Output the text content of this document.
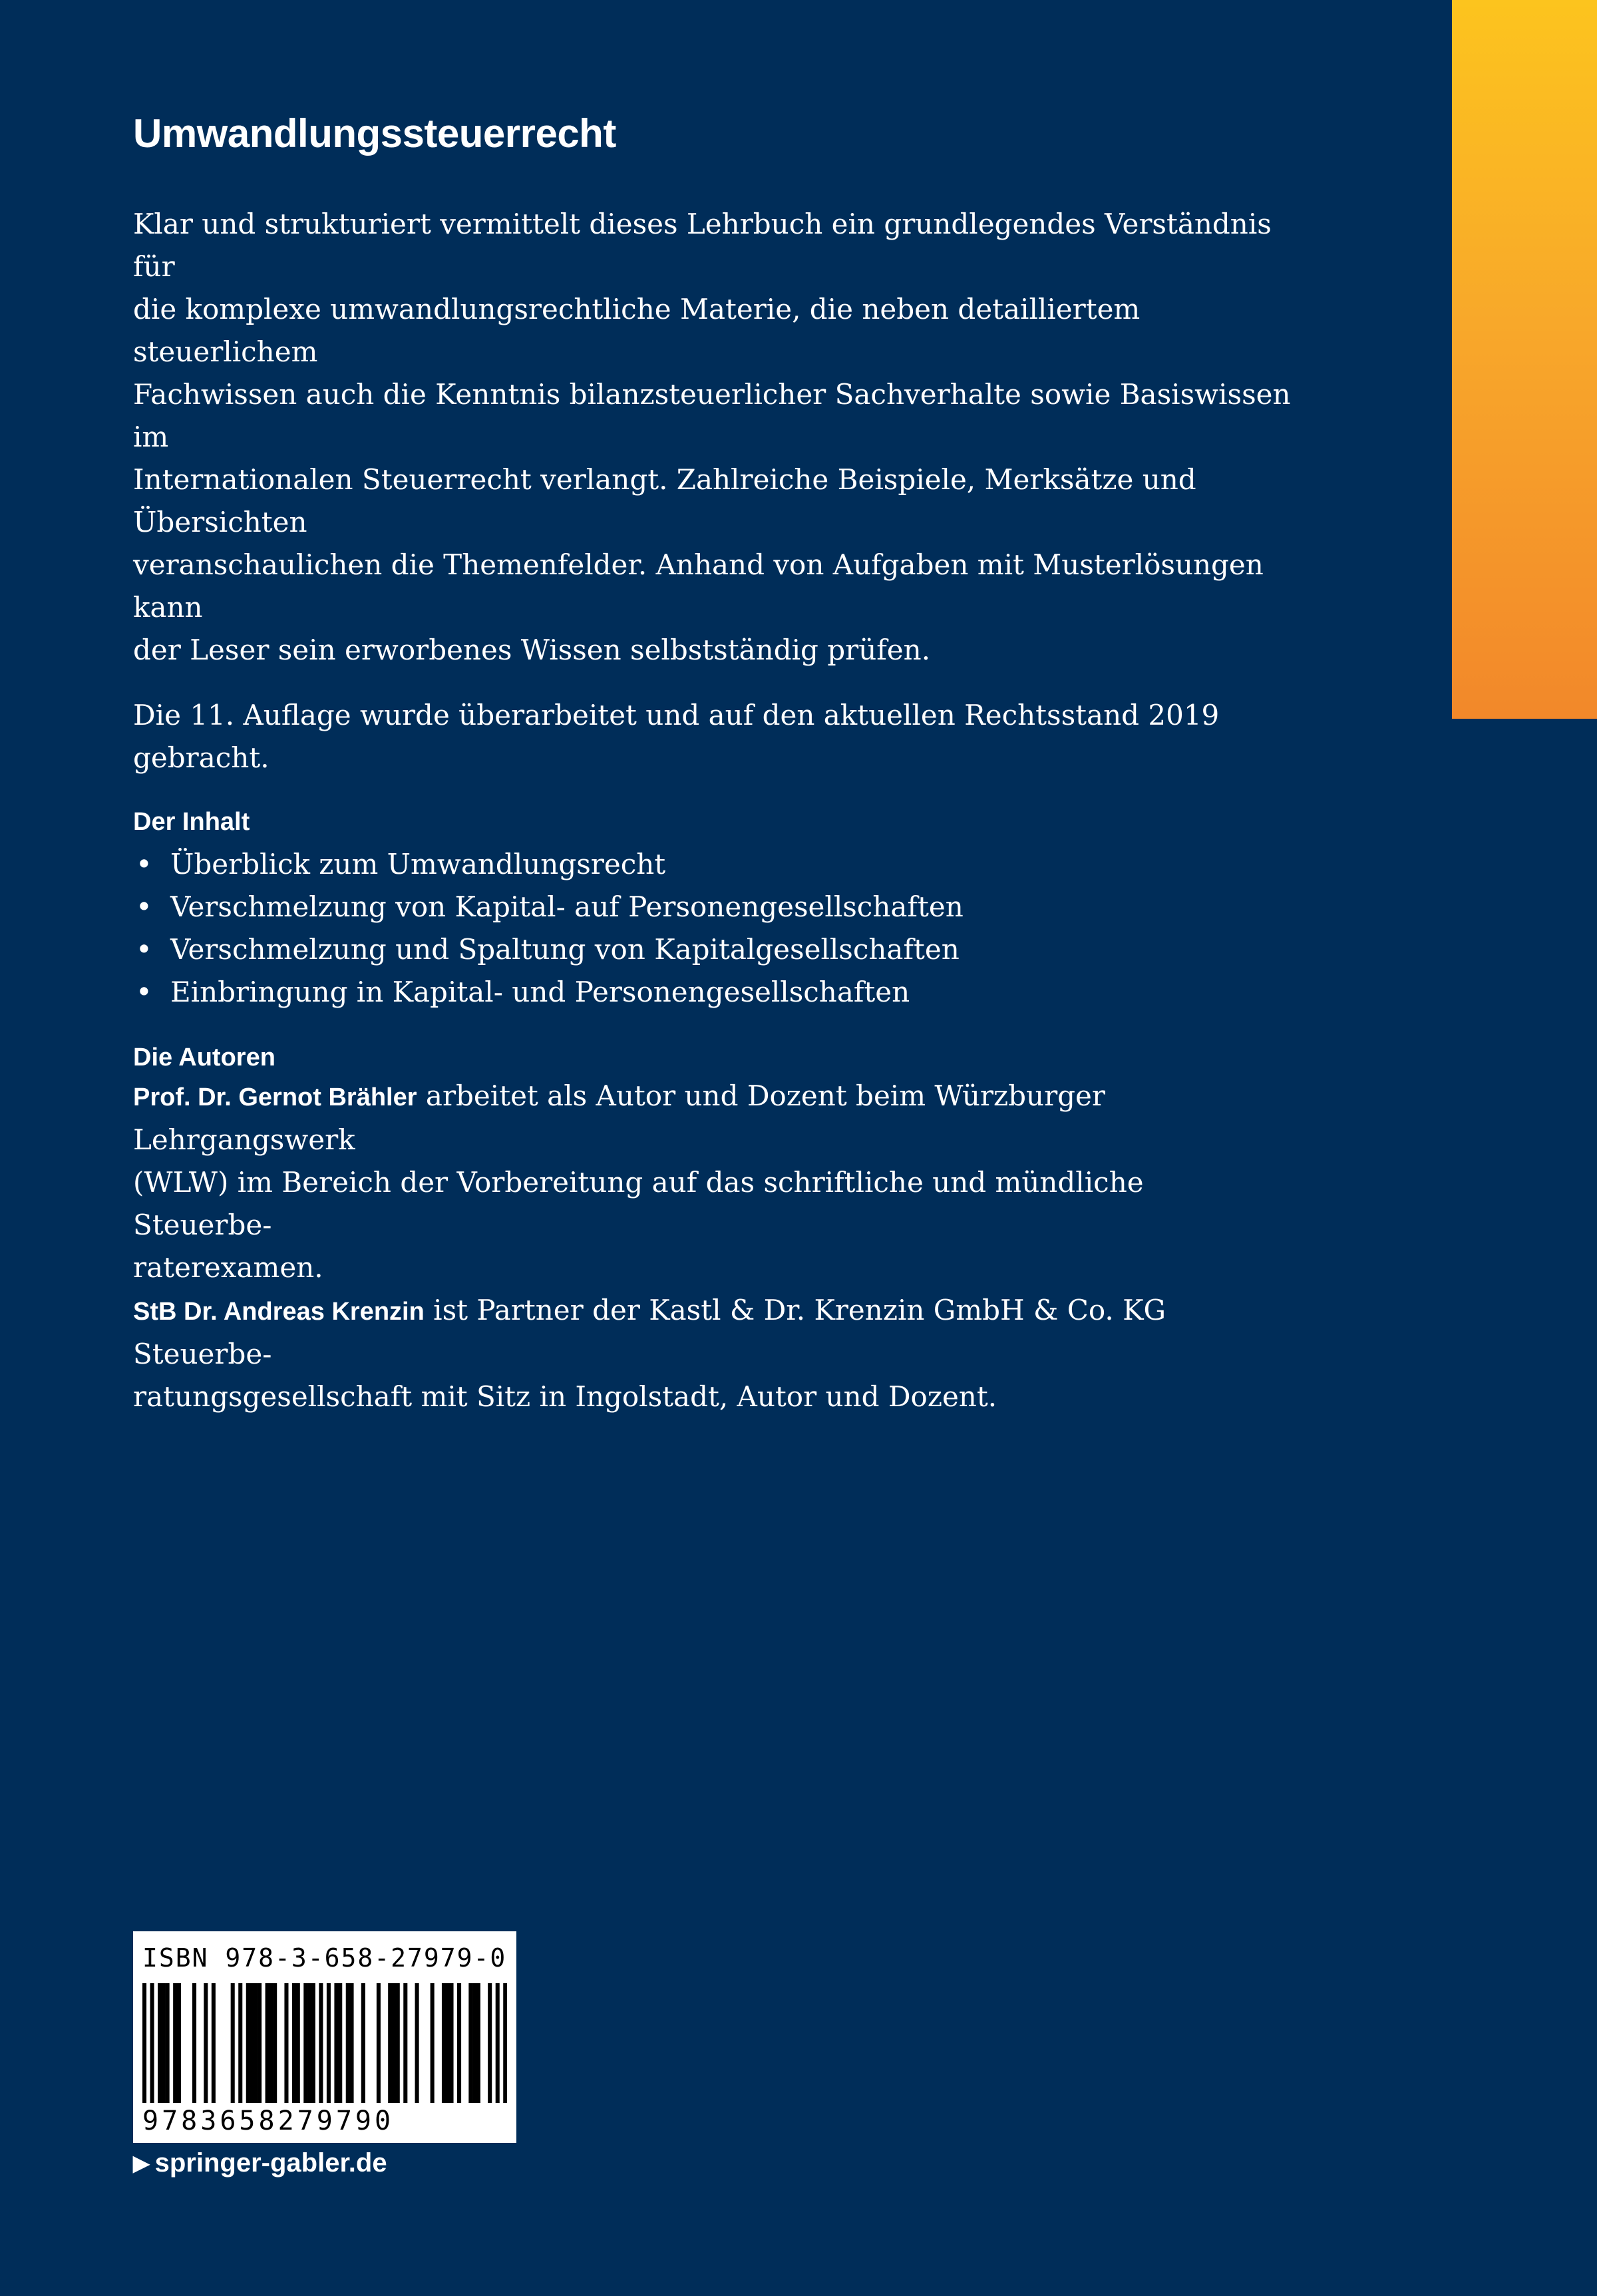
Umwandlungssteuerrecht

Klar und strukturiert vermittelt dieses Lehrbuch ein grundlegendes Verständnis für
die komplexe umwandlungsrechtliche Materie, die neben detailliertem steuerlichem
Fachwissen auch die Kenntnis bilanzsteuerlicher Sachverhalte sowie Basiswissen im
Internationalen Steuerrecht verlangt. Zahlreiche Beispiele, Merksätze und Übersichten
veranschaulichen die Themenfelder. Anhand von Aufgaben mit Musterlösungen kann
der Leser sein erworbenes Wissen selbstständig prüfen.

Die 11. Auflage wurde überarbeitet und auf den aktuellen Rechtsstand 2019 gebracht.

Der Inhalt
• Überblick zum Umwandlungsrecht
• Verschmelzung von Kapital- auf Personengesellschaften
• Verschmelzung und Spaltung von Kapitalgesellschaften
• Einbringung in Kapital- und Personengesellschaften
Die Autoren

Prof. Dr. Gernot Brähler arbeitet als Autor und Dozent beim Würzburger Lehrgangswerk
(WLW) im Bereich der Vorbereitung auf das schriftliche und mündliche Steuerbe-
raterexamen.

StB Dr. Andreas Krenzin ist Partner der Kastl & Dr. Krenzin GmbH & Co. KG Steuerbe-
ratungsgesellschaft mit Sitz in Ingolstadt, Autor und Dozent.

ISBN 978-3-658-27979-0
9783658279790
▶ springer-gabler.de
